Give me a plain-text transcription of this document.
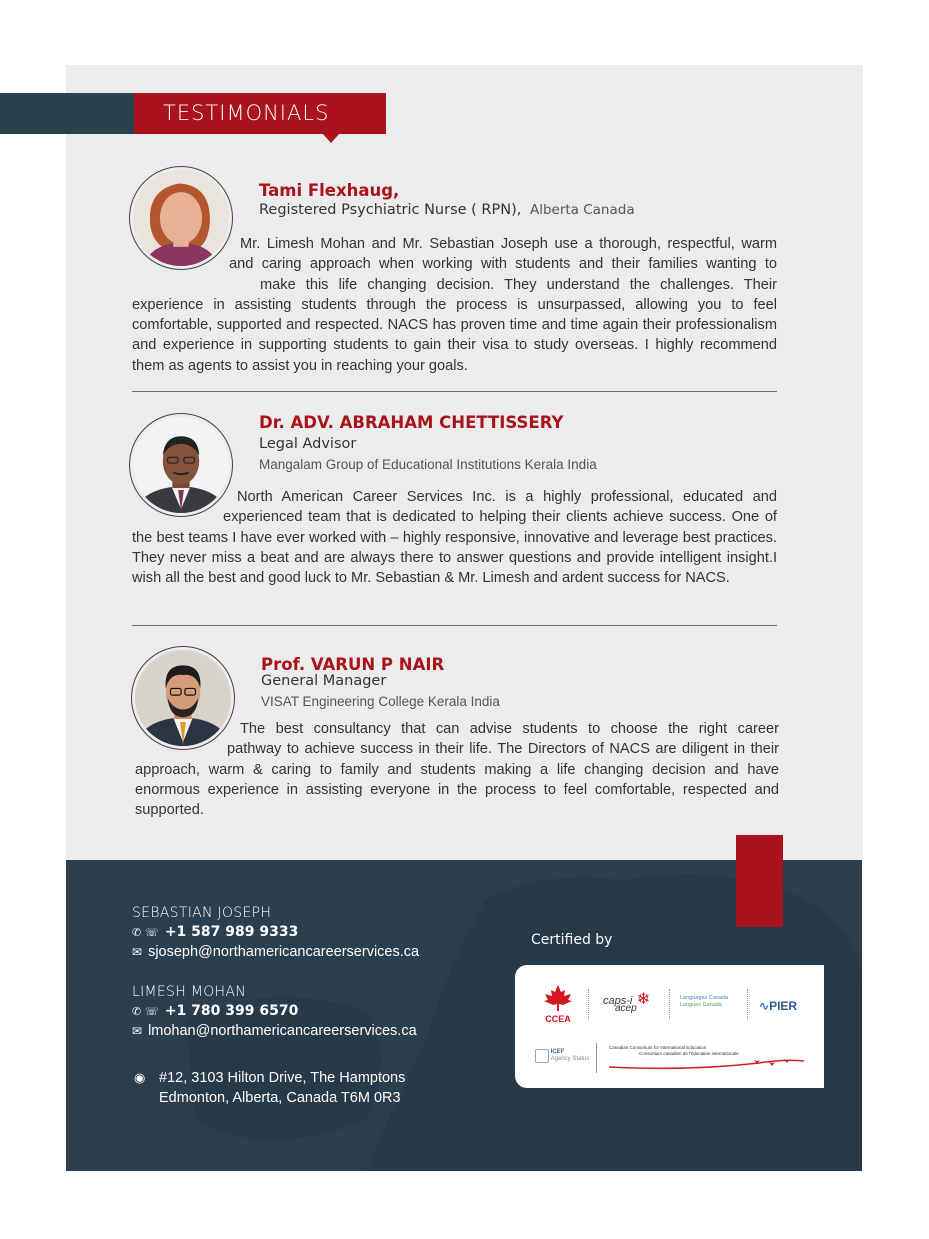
TESTIMONIALS
Tami Flexhaug,
Registered Psychiatric Nurse ( RPN), Alberta Canada
Mr. Limesh Mohan and Mr. Sebastian Joseph use a thorough, respectful, warm
and caring approach when working with students and their families wanting to
make this life changing decision. They understand the challenges. Their experience in assisting students through the process is unsurpassed, allowing you to feel comfortable, supported and respected. NACS has proven time and time again their professionalism and experience in supporting students to gain their visa to study overseas. I highly recommend them as agents to assist you in reaching your goals.
Dr. ADV. ABRAHAM CHETTISSERY
Legal Advisor
Mangalam Group of Educational Institutions Kerala India
North American Career Services Inc. is a highly professional, educated and
experienced team that is dedicated to helping their clients achieve success. One of the best teams I have ever worked with – highly responsive, innovative and leverage best practices. They never miss a beat and are always there to answer questions and provide intelligent insight.I wish all the best and good luck to Mr. Sebastian & Mr. Limesh and ardent success for NACS.
Prof. VARUN P NAIR
General Manager
VISAT Engineering College Kerala India
The best consultancy that can advise students to choose the right career
pathway to achieve success in their life. The Directors of NACS are diligent in their approach, warm & caring to family and students making a life changing decision and have enormous experience in assisting everyone in the process to feel comfortable, respected and supported.
SEBASTIAN JOSEPH
✆ ☏ +1 587 989 9333
✉ sjoseph@northamericancareerservices.ca
LIMESH MOHAN
✆ ☏ +1 780 399 6570
✉ lmohan@northamericancareerservices.ca
◉ #12, 3103 Hilton Drive, The Hamptons
Edmonton, Alberta, Canada T6M 0R3
Certified by
CCEA
caps-i ❄
acep
Languages Canada
Langues Canada	∿PIER

ICEF
Agency Status
Canadian Consortium for International Education
Consortium canadien de l'éducation internationale
